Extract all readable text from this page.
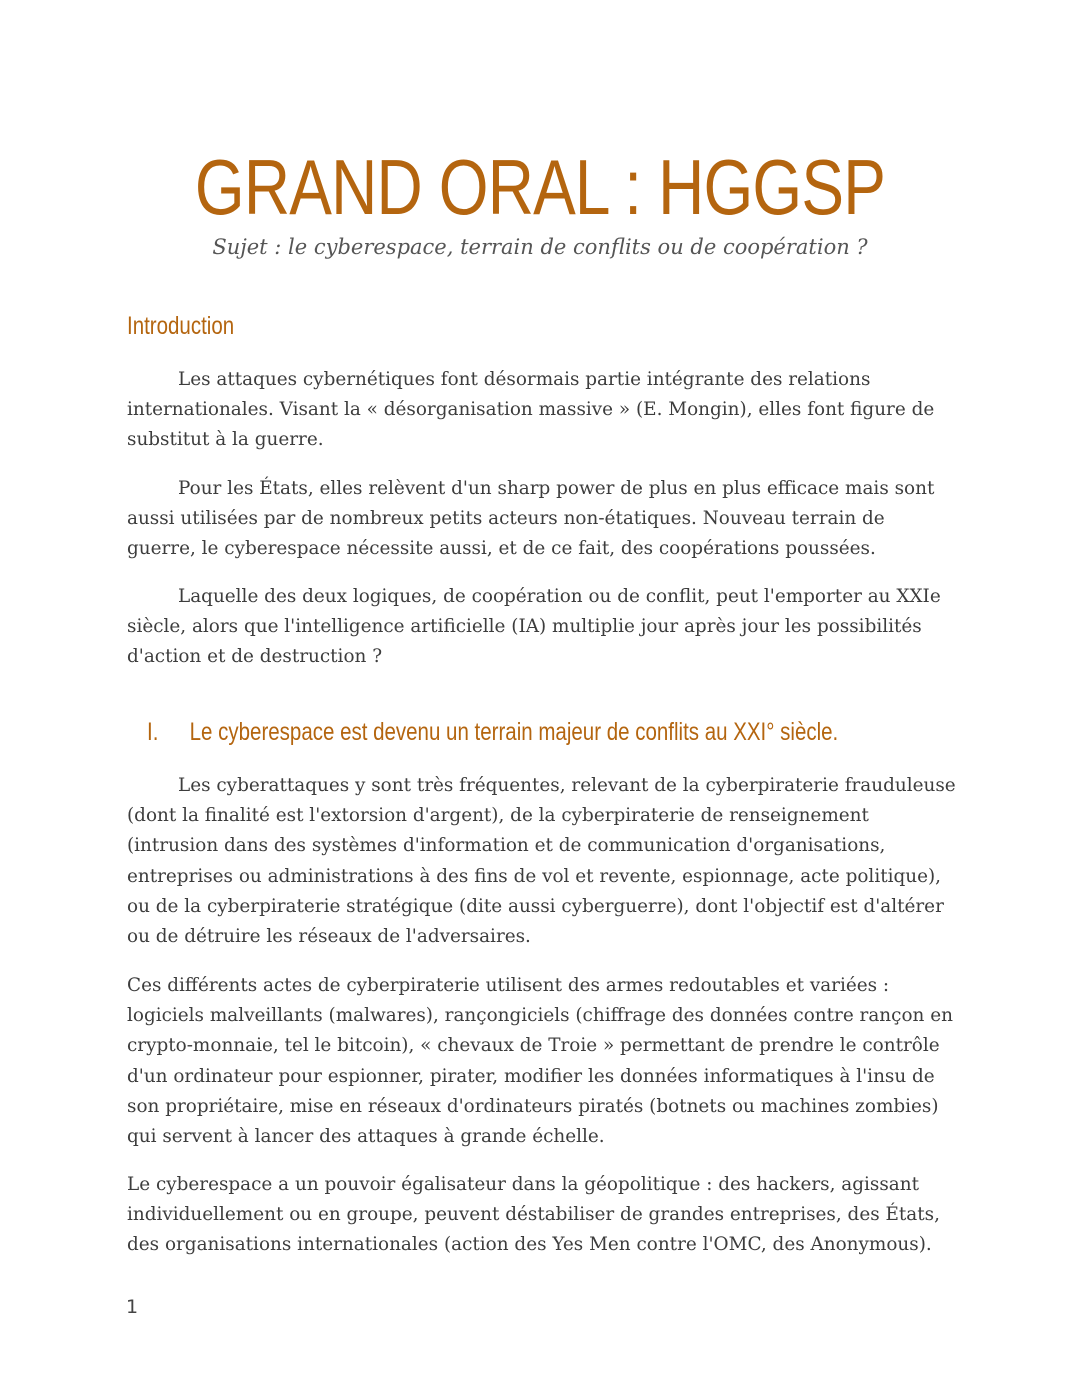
GRAND ORAL : HGGSP

Sujet : le cyberespace, terrain de conflits ou de coopération ?

Introduction

Les attaques cybernétiques font désormais partie intégrante des relations internationales. Visant la « désorganisation massive » (E. Mongin), elles font figure de substitut à la guerre.

Pour les États, elles relèvent d'un sharp power de plus en plus efficace mais sont aussi utilisées par de nombreux petits acteurs non-étatiques. Nouveau terrain de guerre, le cyberespace nécessite aussi, et de ce fait, des coopérations poussées.

Laquelle des deux logiques, de coopération ou de conflit, peut l'emporter au XXIe siècle, alors que l'intelligence artificielle (IA) multiplie jour après jour les possibilités d'action et de destruction ?

I. Le cyberespace est devenu un terrain majeur de conflits au XXI° siècle.

Les cyberattaques y sont très fréquentes, relevant de la cyberpiraterie frauduleuse (dont la finalité est l'extorsion d'argent), de la cyberpiraterie de renseignement (intrusion dans des systèmes d'information et de communication d'organisations, entreprises ou administrations à des fins de vol et revente, espionnage, acte politique), ou de la cyberpiraterie stratégique (dite aussi cyberguerre), dont l'objectif est d'altérer ou de détruire les réseaux de l'adversaires.

Ces différents actes de cyberpiraterie utilisent des armes redoutables et variées : logiciels malveillants (malwares), rançongiciels (chiffrage des données contre rançon en crypto-monnaie, tel le bitcoin), « chevaux de Troie » permettant de prendre le contrôle d'un ordinateur pour espionner, pirater, modifier les données informatiques à l'insu de son propriétaire, mise en réseaux d'ordinateurs piratés (botnets ou machines zombies) qui servent à lancer des attaques à grande échelle.

Le cyberespace a un pouvoir égalisateur dans la géopolitique : des hackers, agissant individuellement ou en groupe, peuvent déstabiliser de grandes entreprises, des États, des organisations internationales (action des Yes Men contre l'OMC, des Anonymous).

1
